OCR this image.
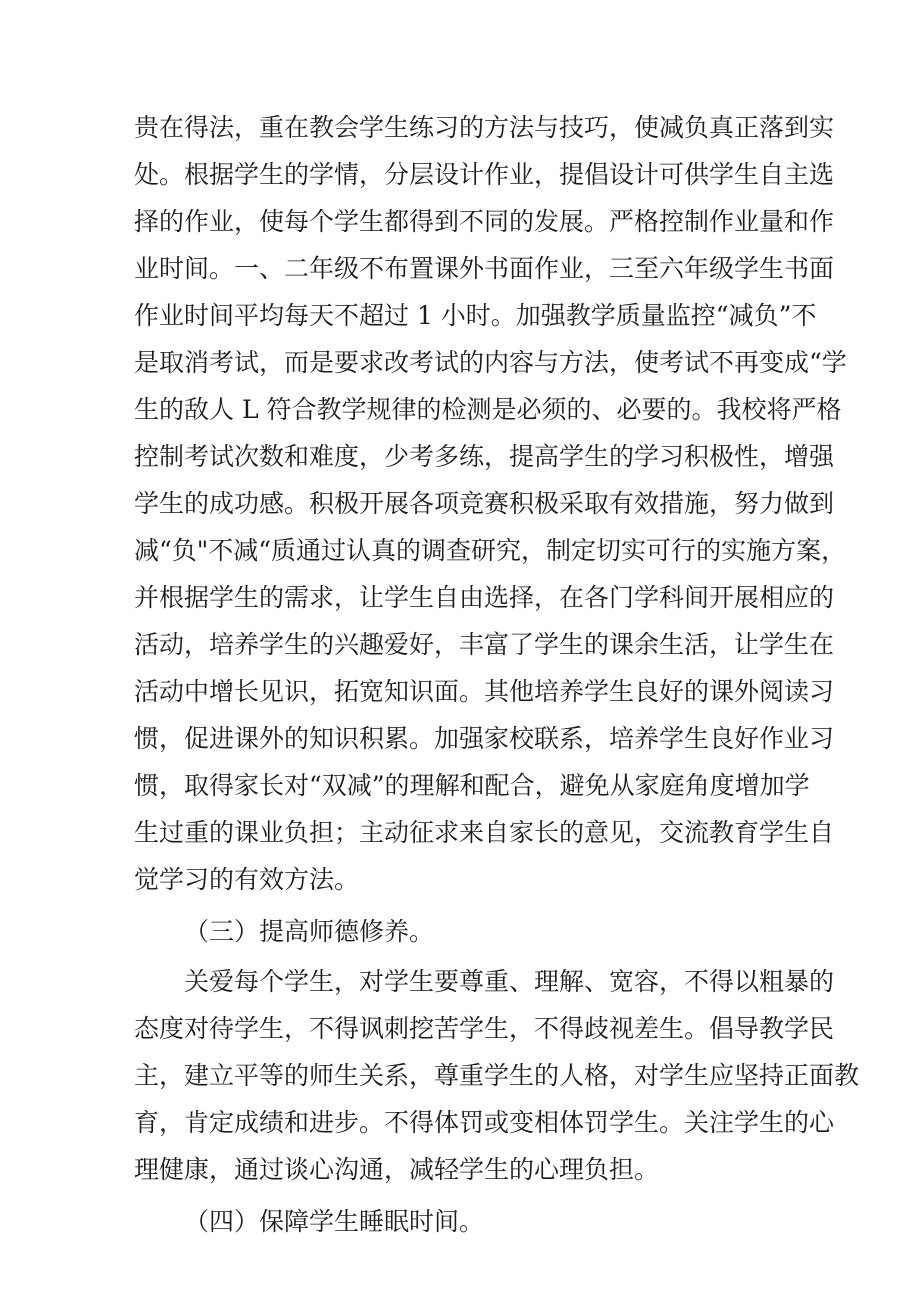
贵在得法，重在教会学生练习的方法与技巧，使减负真正落到实
处。根据学生的学情，分层设计作业，提倡设计可供学生自主选
择的作业，使每个学生都得到不同的发展。严格控制作业量和作
业时间。一、二年级不布置课外书面作业，三至六年级学生书面
作业时间平均每天不超过 1 小时。加强教学质量监控“减负”不
是取消考试，而是要求改考试的内容与方法，使考试不再变成“学
生的敌人 L 符合教学规律的检测是必须的、必要的。我校将严格
控制考试次数和难度，少考多练，提高学生的学习积极性，增强
学生的成功感。积极开展各项竞赛积极采取有效措施，努力做到
减“负"不减“质通过认真的调查研究，制定切实可行的实施方案，
并根据学生的需求，让学生自由选择，在各门学科间开展相应的
活动，培养学生的兴趣爱好，丰富了学生的课余生活，让学生在
活动中增长见识，拓宽知识面。其他培养学生良好的课外阅读习
惯，促进课外的知识积累。加强家校联系，培养学生良好作业习
惯，取得家长对“双减”的理解和配合，避免从家庭角度增加学
生过重的课业负担；主动征求来自家长的意见，交流教育学生自
觉学习的有效方法。
（三）提高师德修养。
关爱每个学生，对学生要尊重、理解、宽容，不得以粗暴的
态度对待学生，不得讽刺挖苦学生，不得歧视差生。倡导教学民
主，建立平等的师生关系，尊重学生的人格，对学生应坚持正面教
育，肯定成绩和进步。不得体罚或变相体罚学生。关注学生的心
理健康，通过谈心沟通，减轻学生的心理负担。
（四）保障学生睡眠时间。
